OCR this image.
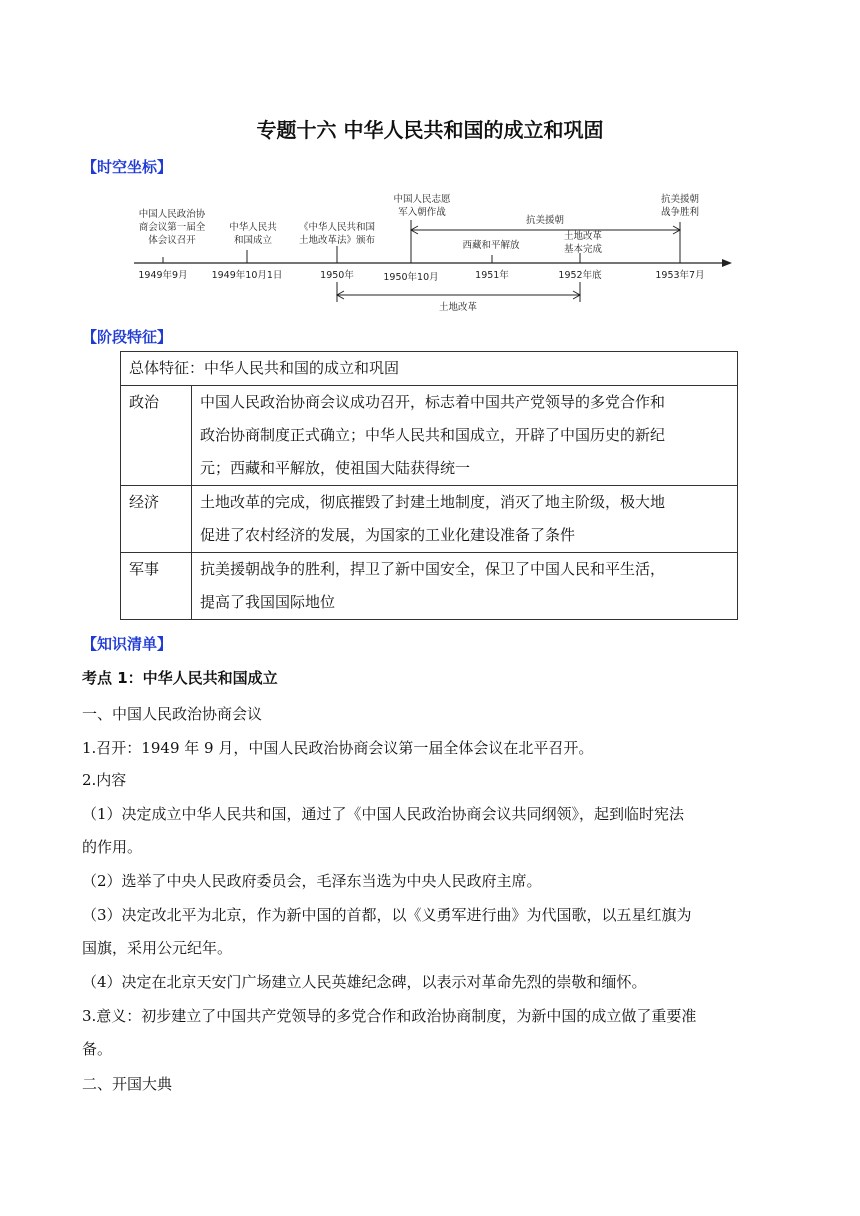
专题十六 中华人民共和国的成立和巩固
【时空坐标】
1949年9月	1949年10月1日	1950年	1950年10月	1951年	1952年底	1953年7月
中国人民政治协
商会议第一届全
体会议召开
中华人民共
和国成立
《中华人民共和国
土地改革法》颁布
中国人民志愿
军入朝作战
西藏和平解放
土地改革
基本完成
抗美援朝
战争胜利
抗美援朝
土地改革
【阶段特征】
总体特征：中华人民共和国的成立和巩固	
政治	中国人民政治协商会议成功召开，标志着中国共产党领导的多党合作和
政治协商制度正式确立；中华人民共和国成立，开辟了中国历史的新纪
元；西藏和平解放，使祖国大陆获得统一

经济	土地改革的完成，彻底摧毁了封建土地制度，消灭了地主阶级，极大地
促进了农村经济的发展，为国家的工业化建设准备了条件

军事	抗美援朝战争的胜利，捍卫了新中国安全，保卫了中国人民和平生活，
提高了我国国际地位
【知识清单】
考点 1：中华人民共和国成立
一、中国人民政治协商会议
1.召开：1949 年 9 月，中国人民政治协商会议第一届全体会议在北平召开。
2.内容
（1）决定成立中华人民共和国，通过了《中国人民政治协商会议共同纲领》，起到临时宪法
的作用。
（2）选举了中央人民政府委员会，毛泽东当选为中央人民政府主席。
（3）决定改北平为北京，作为新中国的首都，以《义勇军进行曲》为代国歌，以五星红旗为
国旗，采用公元纪年。
（4）决定在北京天安门广场建立人民英雄纪念碑，以表示对革命先烈的崇敬和缅怀。
3.意义：初步建立了中国共产党领导的多党合作和政治协商制度，为新中国的成立做了重要准
备。
二、开国大典
